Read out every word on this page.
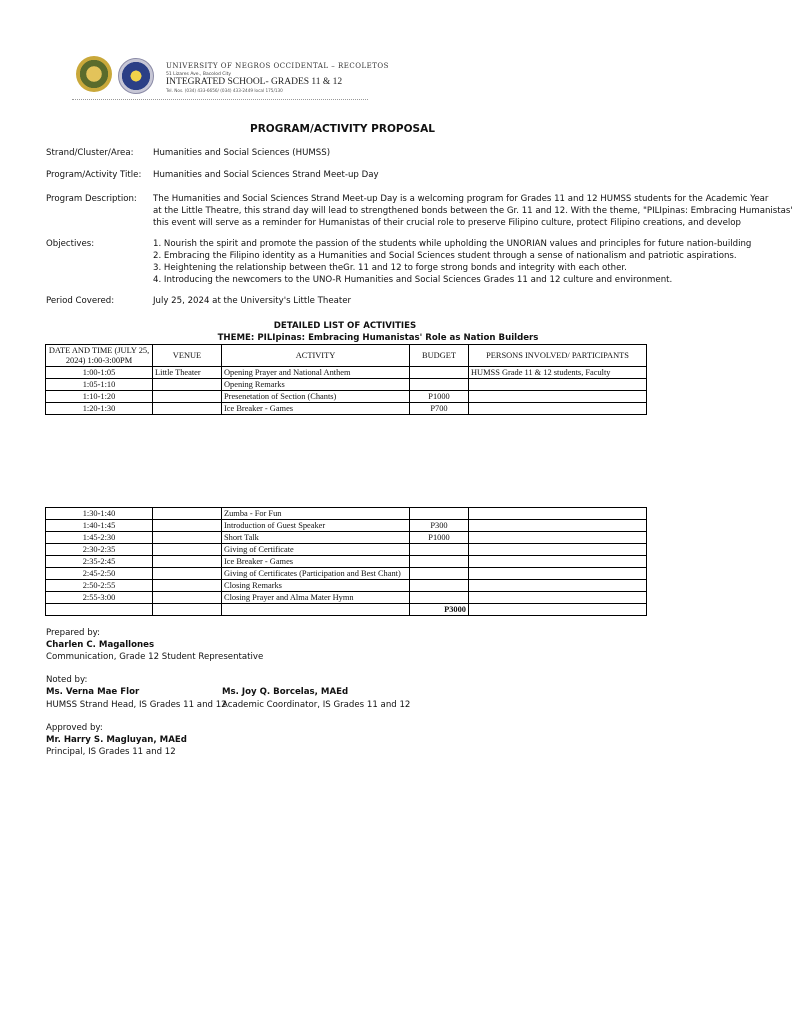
UNIVERSITY OF NEGROS OCCIDENTAL – RECOLETOS
51 Lizares Ave., Bacolod City
INTEGRATED SCHOOL- GRADES 11 & 12
Tel. Nos. (034) 433-6656/ (034) 433-2449 local 175/130
PROGRAM/ACTIVITY PROPOSAL
Strand/Cluster/Area: Humanities and Social Sciences (HUMSS)
Program/Activity Title: Humanities and Social Sciences Strand Meet-up Day
Program Description: The Humanities and Social Sciences Strand Meet-up Day is a welcoming program for Grades 11 and 12 HUMSS students for the Academic Year
at the Little Theatre, this strand day will lead to strengthened bonds between the Gr. 11 and 12. With the theme, "PILIpinas: Embracing Humanistas'
this event will serve as a reminder for Humanistas of their crucial role to preserve Filipino culture, protect Filipino creations, and develop
Objectives:	1. Nourish the spirit and promote the passion of the students while upholding the UNORIAN values and principles for future nation-building
2. Embracing the Filipino identity as a Humanities and Social Sciences student through a sense of nationalism and patriotic aspirations.
3. Heightening the relationship between theGr. 11 and 12 to forge strong bonds and integrity with each other.
4. Introducing the newcomers to the UNO-R Humanities and Social Sciences Grades 11 and 12 culture and environment.
Period Covered:	July 25, 2024 at the University's Little Theater
DETAILED LIST OF ACTIVITIES
THEME: PILIpinas: Embracing Humanistas' Role as Nation Builders
DATE AND TIME (JULY 25, 2024) 1:00-3:00PM	VENUE	ACTIVITY	BUDGET	PERSONS INVOLVED/ PARTICIPANTS
1:00-1:05	Little Theater	Opening Prayer and National Anthem		HUMSS Grade 11 & 12 students, Faculty
1:05-1:10		Opening Remarks		
1:10-1:20		Presenetation of Section (Chants)	P1000	
1:20-1:30		Ice Breaker - Games	P700	
1:30-1:40		Zumba - For Fun		
1:40-1:45		Introduction of Guest Speaker	P300	
1:45-2:30		Short Talk	P1000	
2:30-2:35		Giving of Certificate		
2:35-2:45		Ice Breaker - Games		
2:45-2:50		Giving of Certificates (Participation and Best Chant)		
2:50-2:55		Closing Remarks		
2:55-3:00		Closing Prayer and Alma Mater Hymn		
			P3000	
Prepared by:
Charlen C. Magallones
Communication, Grade 12 Student Representative
Noted by:
Ms. Verna Mae Flor
HUMSS Strand Head, IS Grades 11 and 12
Ms. Joy Q. Borcelas, MAEd
Academic Coordinator, IS Grades 11 and 12
Approved by:
Mr. Harry S. Magluyan, MAEd
Principal, IS Grades 11 and 12
